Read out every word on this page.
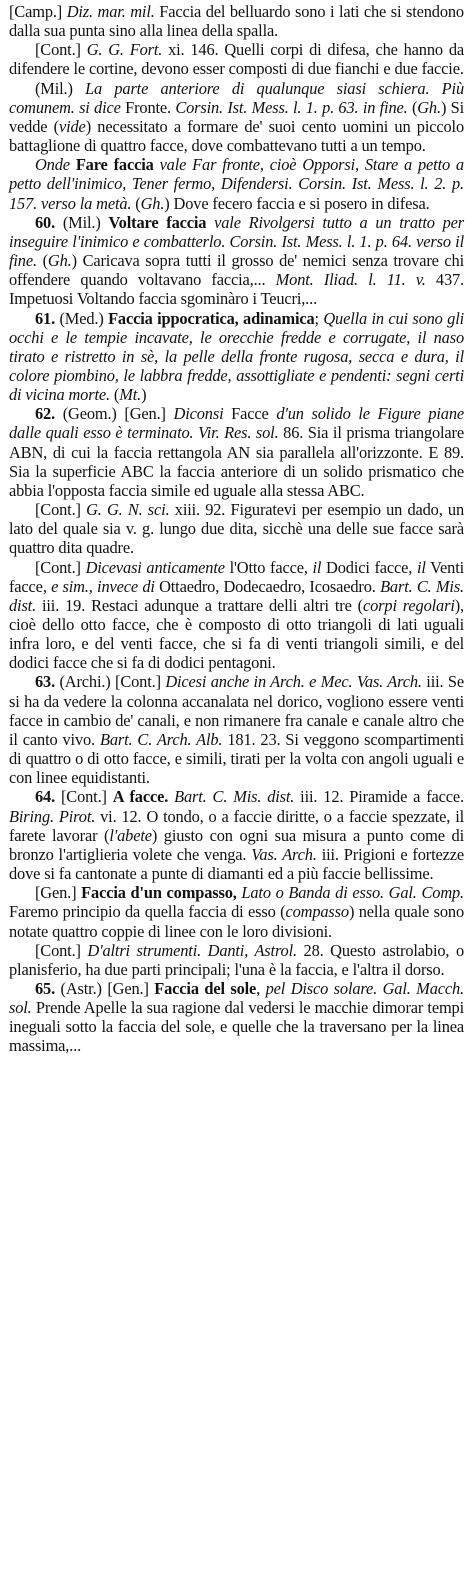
[Camp.] Diz. mar. mil. Faccia del belluardo sono i lati che si stendono dalla sua punta sino alla linea della spalla.

[Cont.] G. G. Fort. xi. 146. Quelli corpi di difesa, che hanno da difendere le cortine, devono esser composti di due fianchi e due faccie.

(Mil.) La parte anteriore di qualunque siasi schiera. Più comunem. si dice Fronte. Corsin. Ist. Mess. l. 1. p. 63. in fine. (Gh.) Si vedde (vide) necessitato a formare de' suoi cento uomini un piccolo battaglione di quattro facce, dove combattevano tutti a un tempo.

Onde Fare faccia vale Far fronte, cioè Opporsi, Stare a petto a petto dell'inimico, Tener fermo, Difendersi. Corsin. Ist. Mess. l. 2. p. 157. verso la metà. (Gh.) Dove fecero faccia e si posero in difesa.

60. (Mil.) Voltare faccia vale Rivolgersi tutto a un tratto per inseguire l'inimico e combatterlo. Corsin. Ist. Mess. l. 1. p. 64. verso il fine. (Gh.) Caricava sopra tutti il grosso de' nemici senza trovare chi offendere quando voltavano faccia,... Mont. Iliad. l. 11. v. 437. Impetuosi Voltando faccia sgominàro i Teucri,...

61. (Med.) Faccia ippocratica, adinamica; Quella in cui sono gli occhi e le tempie incavate, le orecchie fredde e corrugate, il naso tirato e ristretto in sè, la pelle della fronte rugosa, secca e dura, il colore piombino, le labbra fredde, assottigliate e pendenti: segni certi di vicina morte. (Mt.)

62. (Geom.) [Gen.] Diconsi Facce d'un solido le Figure piane dalle quali esso è terminato. Vir. Res. sol. 86. Sia il prisma triangolare ABN, di cui la faccia rettangola AN sia parallela all'orizzonte. E 89. Sia la superficie ABC la faccia anteriore di un solido prismatico che abbia l'opposta faccia simile ed uguale alla stessa ABC.

[Cont.] G. G. N. sci. xiii. 92. Figuratevi per esempio un dado, un lato del quale sia v. g. lungo due dita, sicchè una delle sue facce sarà quattro dita quadre.

[Cont.] Dicevasi anticamente l'Otto facce, il Dodici facce, il Venti facce, e sim., invece di Ottaedro, Dodecaedro, Icosaedro. Bart. C. Mis. dist. iii. 19. Restaci adunque a trattare delli altri tre (corpi regolari), cioè dello otto facce, che è composto di otto triangoli di lati uguali infra loro, e del venti facce, che si fa di venti triangoli simili, e del dodici facce che si fa di dodici pentagoni.

63. (Archi.) [Cont.] Dicesi anche in Arch. e Mec. Vas. Arch. iii. Se si ha da vedere la colonna accanalata nel dorico, vogliono essere venti facce in cambio de' canali, e non rimanere fra canale e canale altro che il canto vivo. Bart. C. Arch. Alb. 181. 23. Si veggono scompartimenti di quattro o di otto facce, e simili, tirati per la volta con angoli uguali e con linee equidistanti.

64. [Cont.] A facce. Bart. C. Mis. dist. iii. 12. Piramide a facce. Biring. Pirot. vi. 12. O tondo, o a faccie diritte, o a faccie spezzate, il farete lavorar (l'abete) giusto con ogni sua misura a punto come di bronzo l'artiglieria volete che venga. Vas. Arch. iii. Prigioni e fortezze dove si fa cantonate a punte di diamanti ed a più faccie bellissime.

[Gen.] Faccia d'un compasso, Lato o Banda di esso. Gal. Comp. Faremo principio da quella faccia di esso (compasso) nella quale sono notate quattro coppie di linee con le loro divisioni.

[Cont.] D'altri strumenti. Danti, Astrol. 28. Questo astrolabio, o planisferio, ha due parti principali; l'una è la faccia, e l'altra il dorso.

65. (Astr.) [Gen.] Faccia del sole, pel Disco solare. Gal. Macch. sol. Prende Apelle la sua ragione dal vedersi le macchie dimorar tempi ineguali sotto la faccia del sole, e quelle che la traversano per la linea massima,...
